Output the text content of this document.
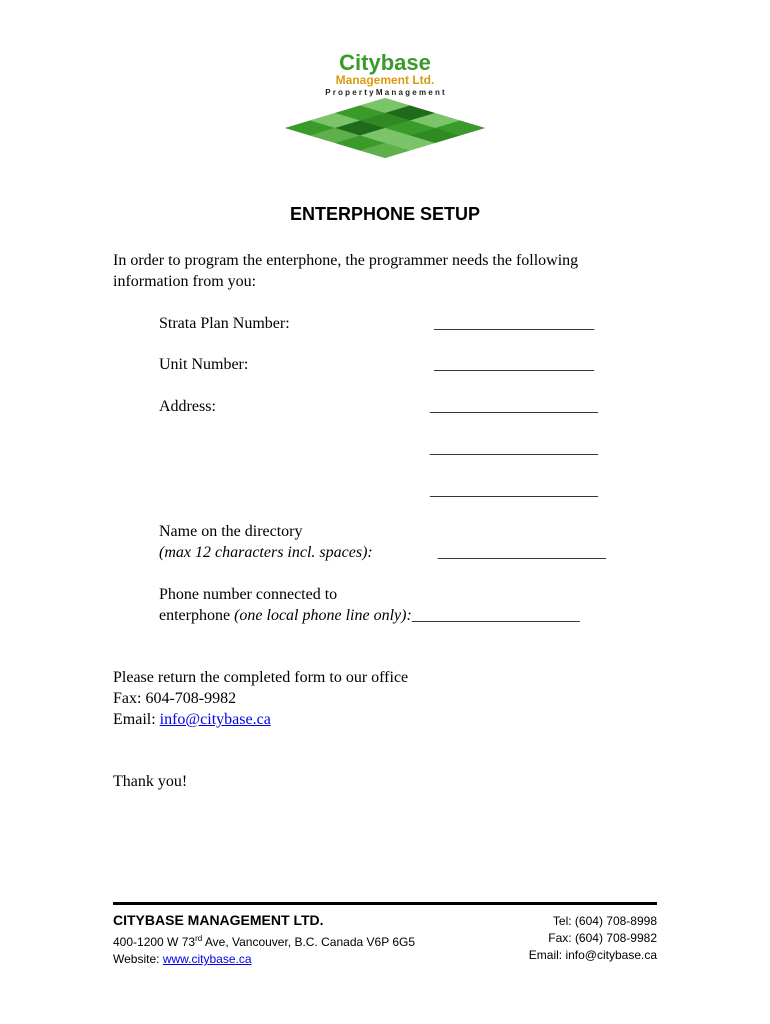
Citybase
Management Ltd.
P r o p e r t y M a n a g e m e n t
ENTERPHONE SETUP
In order to program the enterphone, the programmer needs the following information from you:
Strata Plan Number:	____________________
Unit Number:	____________________
Address:	_____________________
_____________________
_____________________
Name on the directory
(max 12 characters incl. spaces):	_____________________
Phone number connected to
enterphone (one local phone line only):_____________________
Please return the completed form to our office
Fax: 604-708-9982
Email: info@citybase.ca
Thank you!
CITYBASE MANAGEMENT LTD.
400-1200 W 73rd Ave, Vancouver, B.C. Canada V6P 6G5
Website: www.citybase.ca
Tel: (604) 708-8998
Fax: (604) 708-9982
Email: info@citybase.ca
